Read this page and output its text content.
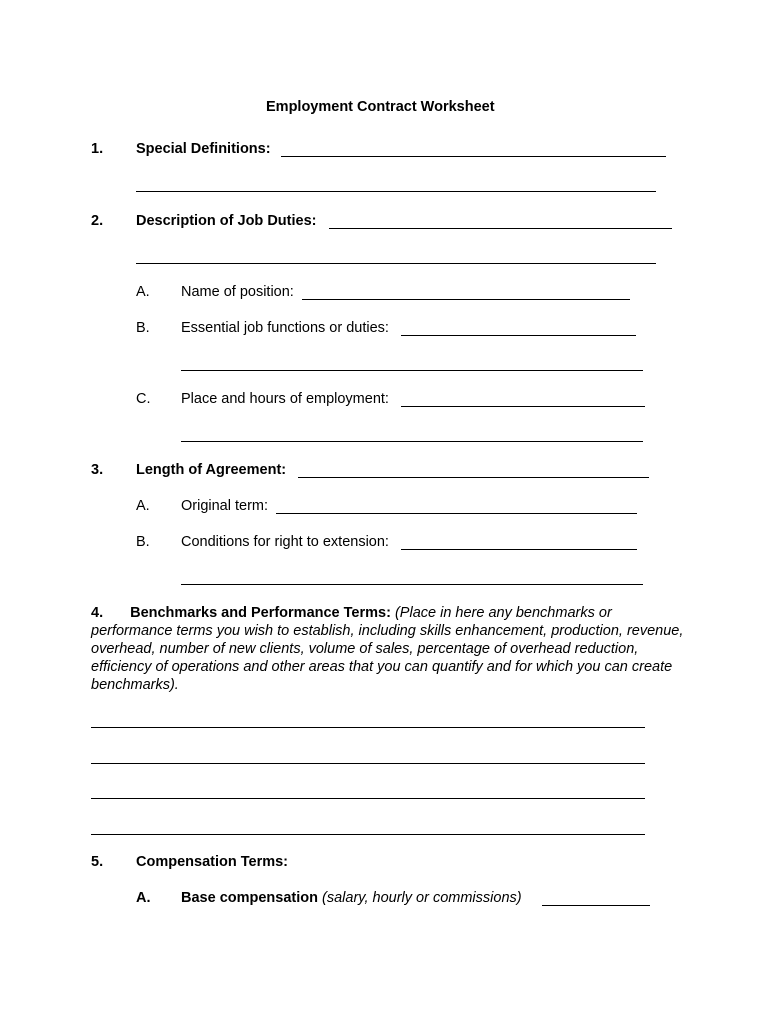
Employment Contract Worksheet
1. Special Definitions:
2. Description of Job Duties:
A. Name of position:
B. Essential job functions or duties:
C. Place and hours of employment:
3. Length of Agreement:
A. Original term:
B. Conditions for right to extension:
4. Benchmarks and Performance Terms: (Place in here any benchmarks or performance terms you wish to establish, including skills enhancement, production, revenue, overhead, number of new clients, volume of sales, percentage of overhead reduction, efficiency of operations and other areas that you can quantify and for which you can create benchmarks).
5. Compensation Terms:
A. Base compensation (salary, hourly or commissions)
